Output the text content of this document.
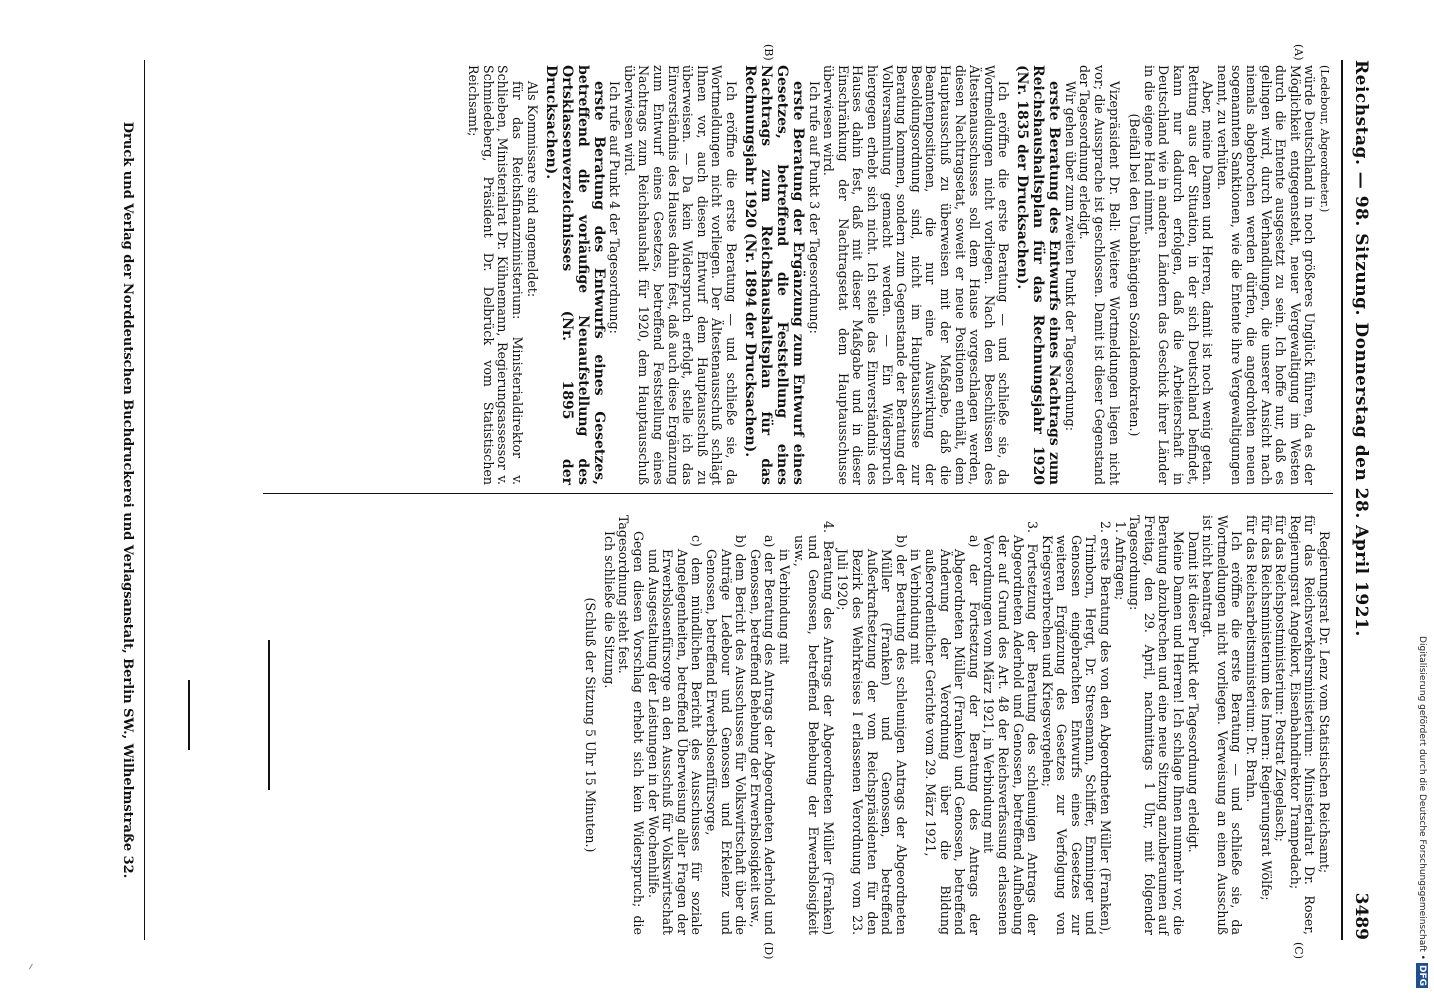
Reichstag. — 98. Sitzung. Donnerstag den 28. April 1921.
3489
(A)
(B)
(C)
(D)

(Ledebour, Abgeordneter.)

würde Deutschland in noch größeres Unglück führen, da es der Möglichkeit entgegensteht, neuer Vergewaltigung im Westen durch die Entente ausgesetzt zu sein. Ich hoffe nur, daß es gelingen wird, durch Verhandlungen, die unserer Ansicht nach niemals abgebrochen werden dürfen, die angedrohten neuen sogenannten Sanktionen, wie die Entente ihre Vergewaltigungen nennt, zu verhüten.

Aber, meine Damen und Herren, damit ist noch wenig getan. Rettung aus der Situation, in der sich Deutschland befindet, kann nur dadurch erfolgen, daß die Arbeiterschaft in Deutschland wie in anderen Ländern das Geschick ihrer Länder in die eigene Hand nimmt.

(Beifall bei den Unabhängigen Sozialdemokraten.)

Vizepräsident Dr. Bell: Weitere Wortmeldungen liegen nicht vor; die Aussprache ist geschlossen. Damit ist dieser Gegenstand der Tagesordnung erledigt.

Wir gehen über zum zweiten Punkt der Tagesordnung:

erste Beratung des Entwurfs eines Nachtrags zum Reichshaushaltsplan für das Rechnungsjahr 1920 (Nr. 1835 der Drucksachen).

Ich eröffne die erste Beratung — und schließe sie, da Wortmeldungen nicht vorliegen. Nach den Beschlüssen des Ältestenausschusses soll dem Hause vorgeschlagen werden, diesen Nachtragsetat, soweit er neue Positionen enthält, dem Hauptausschuß zu überweisen mit der Maßgabe, daß die Beamtenpositionen, die nur eine Auswirkung der Besoldungsordnung sind, nicht im Hauptausschusse zur Beratung kommen, sondern zum Gegenstande der Beratung der Vollversammlung gemacht werden. — Ein Widerspruch hiergegen erhebt sich nicht. Ich stelle das Einverständnis des Hauses dahin fest, daß mit dieser Maßgabe und in dieser Einschränkung der Nachtragsetat dem Hauptausschusse überwiesen wird.

Ich rufe auf Punkt 3 der Tagesordnung:

erste Beratung der Ergänzung zum Entwurf eines Gesetzes, betreffend die Feststellung eines Nachtrags zum Reichshaushaltsplan für das Rechnungsjahr 1920 (Nr. 1894 der Drucksachen).

Ich eröffne die erste Beratung — und schließe sie, da Wortmeldungen nicht vorliegen. Der Ältestenausschuß schlägt Ihnen vor, auch diesen Entwurf dem Hauptausschuß zu überweisen. — Da kein Widerspruch erfolgt, stelle ich das Einverständnis des Hauses dahin fest, daß auch diese Ergänzung zum Entwurf eines Gesetzes, betreffend Feststellung eines Nachtrags zum Reichshaushalt für 1920, dem Hauptausschuß überwiesen wird.

Ich rufe auf Punkt 4 der Tagesordnung:

erste Beratung des Entwurfs eines Gesetzes, betreffend die vorläufige Neuaufstellung des Ortsklassenverzeichnisses (Nr. 1895 der Drucksachen).

Als Kommissare sind angemeldet:

für das Reichsfinanzministerium: Ministerialdirektor v. Schlieben, Ministerialrat Dr. Kühnemann, Regierungsassessor v. Schmiedeberg, Präsident Dr. Delbrück vom Statistischen Reichsamt;

Regierungsrat Dr. Lenz vom Statistischen Reichsamt;

für das Reichsverkehrsministerium: Ministerialrat Dr. Roser, Regierungsrat Angelkort, Eisenbahndirektor Trampedach;

für das Reichspostministerium: Postrat Ziegelasch;

für das Reichsministerium des Innern: Regierungsrat Wölfe;

für das Reichsarbeitsministerium: Dr. Brahn.

Ich eröffne die erste Beratung — und schließe sie, da Wortmeldungen nicht vorliegen. Verweisung an einen Ausschuß ist nicht beantragt.

Damit ist dieser Punkt der Tagesordnung erledigt.

Meine Damen und Herren! Ich schlage Ihnen nunmehr vor, die Beratung abzubrechen und eine neue Sitzung anzuberaumen auf Freitag, den 29. April, nachmittags 1 Uhr, mit folgender Tagesordnung:

1. Anfragen;

2. erste Beratung des von den Abgeordneten Müller (Franken), Trimborn, Hergt, Dr. Stresemann, Schiffer, Emminger und Genossen eingebrachten Entwurfs eines Gesetzes zur weiteren Ergänzung des Gesetzes zur Verfolgung von Kriegsverbrechen und Kriegsvergehen;

3. Fortsetzung der Beratung des schleunigen Antrags der Abgeordneten Aderhold und Genossen, betreffend Aufhebung der auf Grund des Art. 48 der Reichsverfassung erlassenen Verordnungen vom März 1921, in Verbindung mit

a) der Fortsetzung der Beratung des Antrags der Abgeordneten Müller (Franken) und Genossen, betreffend Änderung der Verordnung über die Bildung außerordentlicher Gerichte vom 29. März 1921,

in Verbindung mit

b) der Beratung des schleunigen Antrags der Abgeordneten Müller (Franken) und Genossen, betreffend Außerkraftsetzung der vom Reichspräsidenten für den Bezirk des Wehrkreises I erlassenen Verordnung vom 23. Juli 1920;

4. Beratung des Antrags der Abgeordneten Müller (Franken) und Genossen, betreffend Behebung der Erwerbslosigkeit usw.,

in Verbindung mit

a) der Beratung des Antrags der Abgeordneten Aderhold und Genossen, betreffend Behebung der Erwerbslosigkeit usw.,

b) dem Bericht des Ausschusses für Volkswirtschaft über die Anträge Ledebour und Genossen und Erkelenz und Genossen, betreffend Erwerbslosenfürsorge,

c) dem mündlichen Bericht des Ausschusses für soziale Angelegenheiten, betreffend Überweisung aller Fragen der Erwerbslosenfürsorge an den Ausschuß für Volkswirtschaft und Ausgestaltung der Leistungen in der Wochenhilfe.

Gegen diesen Vorschlag erhebt sich kein Widerspruch; die Tagesordnung steht fest.

Ich schließe die Sitzung.

(Schluß der Sitzung 5 Uhr 15 Minuten.)

Druck und Verlag der Norddeutschen Buchdruckerei und Verlagsanstalt, Berlin SW., Wilhelmstraße 32.	Digitalisierung gefördert durch die Deutsche Forschungsgemeinschaft •DFG
